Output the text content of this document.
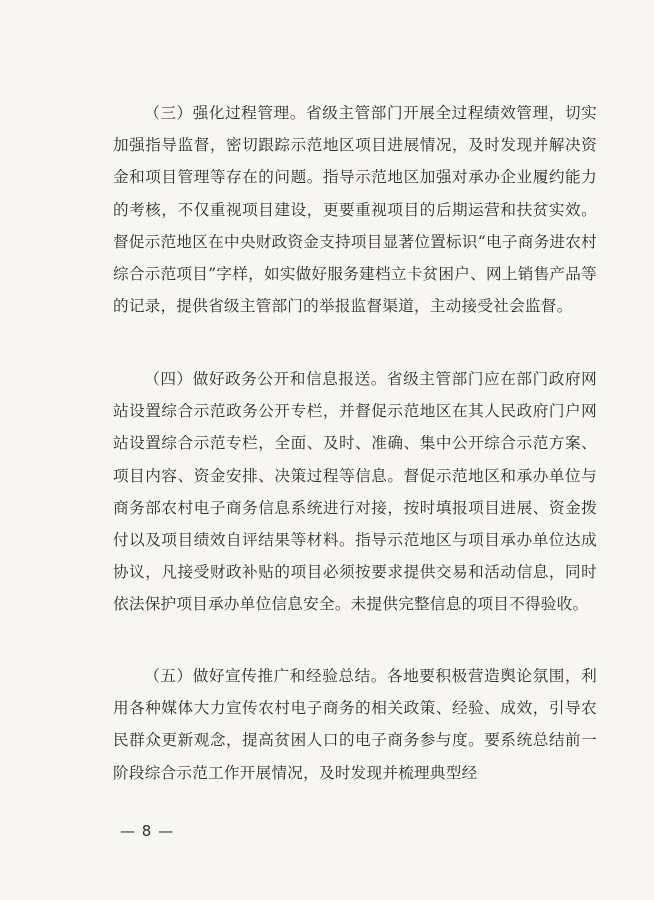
（三）强化过程管理。省级主管部门开展全过程绩效管理，切实加强指导监督，密切跟踪示范地区项目进展情况，及时发现并解决资金和项目管理等存在的问题。指导示范地区加强对承办企业履约能力的考核，不仅重视项目建设，更要重视项目的后期运营和扶贫实效。督促示范地区在中央财政资金支持项目显著位置标识“电子商务进农村综合示范项目”字样，如实做好服务建档立卡贫困户、网上销售产品等的记录，提供省级主管部门的举报监督渠道，主动接受社会监督。

（四）做好政务公开和信息报送。省级主管部门应在部门政府网站设置综合示范政务公开专栏，并督促示范地区在其人民政府门户网站设置综合示范专栏，全面、及时、准确、集中公开综合示范方案、项目内容、资金安排、决策过程等信息。督促示范地区和承办单位与商务部农村电子商务信息系统进行对接，按时填报项目进展、资金拨付以及项目绩效自评结果等材料。指导示范地区与项目承办单位达成协议，凡接受财政补贴的项目必须按要求提供交易和活动信息，同时依法保护项目承办单位信息安全。未提供完整信息的项目不得验收。

（五）做好宣传推广和经验总结。各地要积极营造舆论氛围，利用各种媒体大力宣传农村电子商务的相关政策、经验、成效，引导农民群众更新观念，提高贫困人口的电子商务参与度。要系统总结前一阶段综合示范工作开展情况，及时发现并梳理典型经

— 8 —
